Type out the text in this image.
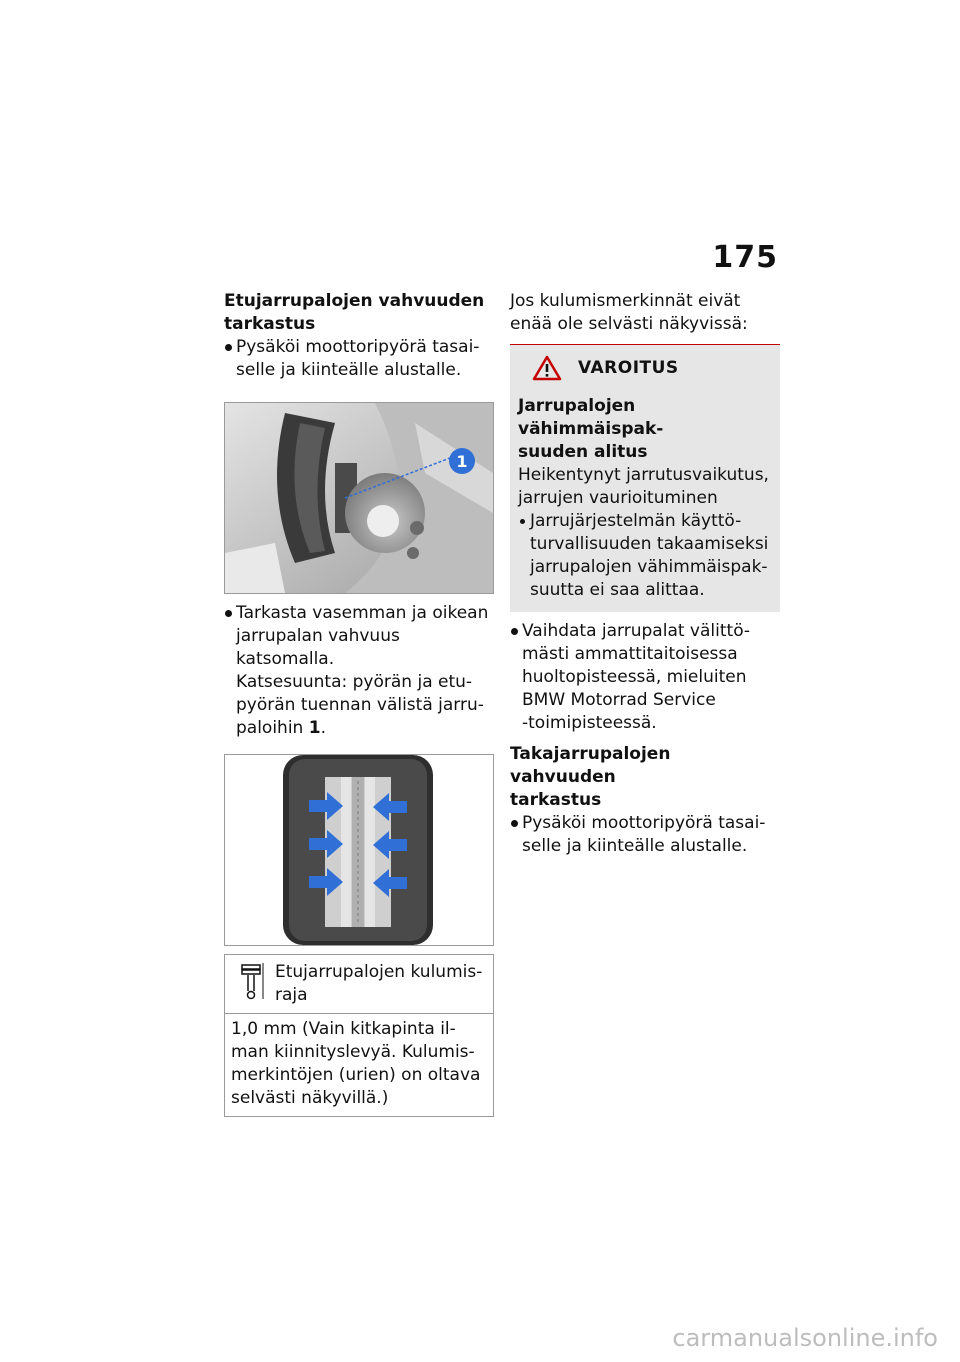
175

Etujarrupalojen vahvuuden
tarkastus

Pysäköi moottoripyörä tasai-
selle ja kiinteälle alustalle.

1

Tarkasta vasemman ja oikean
jarrupalan vahvuus katsomalla.
Katsesuunta: pyörän ja etu-
pyörän tuennan välistä jarru-
paloihin 1.

Etujarrupalojen kulumis-
raja
1,0 mm (Vain kitkapinta il-
man kiinnityslevyä. Kulumis-
merkintöjen (urien) on oltava
selvästi näkyvillä.)

Jos kulumismerkinnät eivät
enää ole selvästi näkyvissä:

VAROITUS

Jarrupalojen vähimmäispak-
suuden alitus

Heikentynyt jarrutusvaikutus,
jarrujen vaurioituminen

Jarrujärjestelmän käyttö-
turvallisuuden takaamiseksi
jarrupalojen vähimmäispak-
suutta ei saa alittaa.

Vaihdata jarrupalat välittö-
mästi ammattitaitoisessa
huoltopisteessä, mieluiten
BMW Motorrad Service
-toimipisteessä.

Takajarrupalojen vahvuuden
tarkastus

Pysäköi moottoripyörä tasai-
selle ja kiinteälle alustalle.

carmanualsonline.info
